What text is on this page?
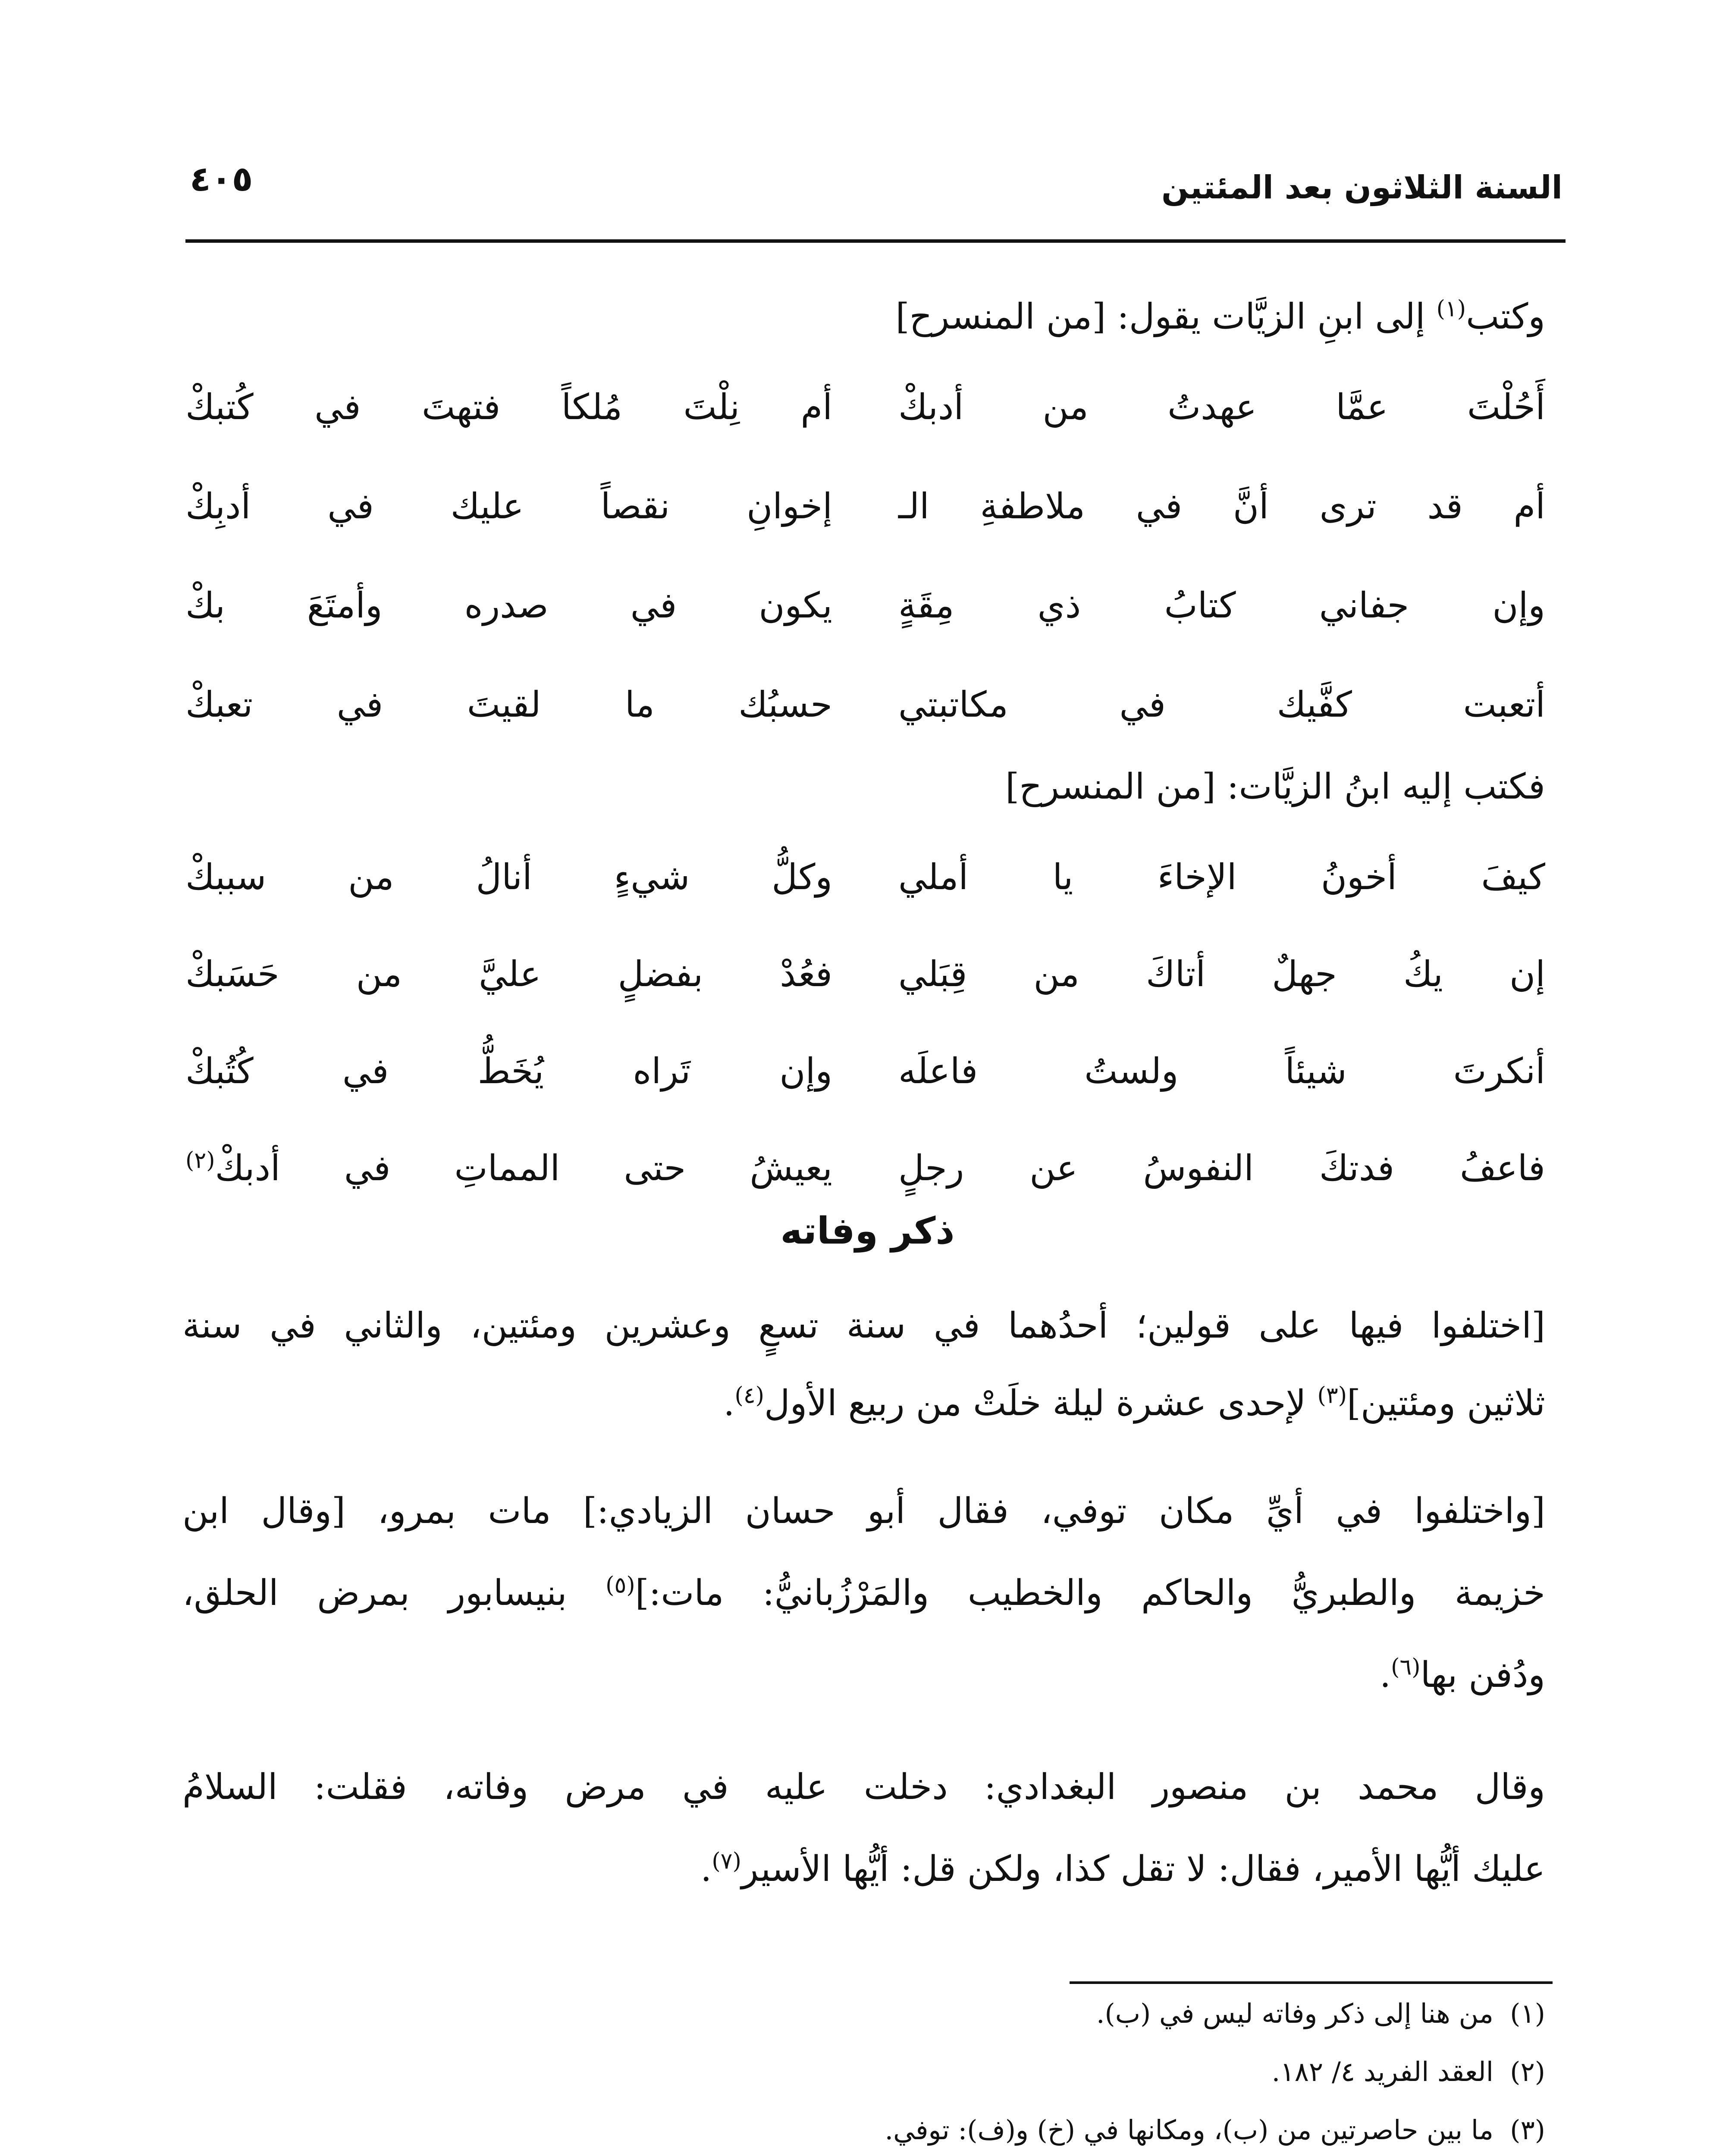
السنة الثلاثون بعد المئتين
٤٠٥
وكتب$^{(١)}$ إلى ابنِ الزيَّات يقول: [من المنسرح]
أَحُلْتَ عمَّا عهدتُ من أدبكْ
أم نِلْتَ مُلكاً فتهتَ في كُتبكْ
أم قد ترى أنَّ في ملاطفةِ الـ
إخوانِ نقصاً عليك في أدبِكْ
وإن جفاني كتابُ ذي مِقَةٍ
يكون في صدره وأمتَعَ بكْ
أتعبت كفَّيك في مكاتبتي
حسبُك ما لقيتَ في تعبكْ
فكتب إليه ابنُ الزيَّات: [من المنسرح]
كيفَ أخونُ الإخاءَ يا أملي
وكلُّ شيءٍ أنالُ من سببكْ
إن يكُ جهلٌ أتاكَ من قِبَلي
فعُدْ بفضلٍ عليَّ من حَسَبكْ
أنكرتَ شيئاً ولستُ فاعلَه
وإن تَراه يُخَطُّ في كُتُبكْ
فاعفُ فدتكَ النفوسُ عن رجلٍ
يعيشُ حتى المماتِ في أدبكْ$^{(٢)}$
ذكر وفاته
[اختلفوا فيها على قولين؛ أحدُهما في سنة تسعٍ وعشرين ومئتين، والثاني في سنة
ثلاثين ومئتين]$^{(٣)}$ لإحدى عشرة ليلة خلَتْ من ربيع الأول$^{(٤)}$.
[واختلفوا في أيِّ مكان توفي، فقال أبو حسان الزيادي:] مات بمرو، [وقال ابن
خزيمة والطبريُّ والحاكم والخطيب والمَرْزُبانيُّ: مات:]$^{(٥)}$ بنيسابور بمرض الحلق،
ودُفن بها$^{(٦)}$.
وقال محمد بن منصور البغدادي: دخلت عليه في مرض وفاته، فقلت: السلامُ
عليك أيُّها الأمير، فقال: لا تقل كذا، ولكن قل: أيُّها الأسير$^{(٧)}$.
(١)من هنا إلى ذكر وفاته ليس في (ب).
(٢)العقد الفريد ٤/ ١٨٢.
(٣)ما بين حاصرتين من (ب)، ومكانها في (خ) و(ف): توفي.
